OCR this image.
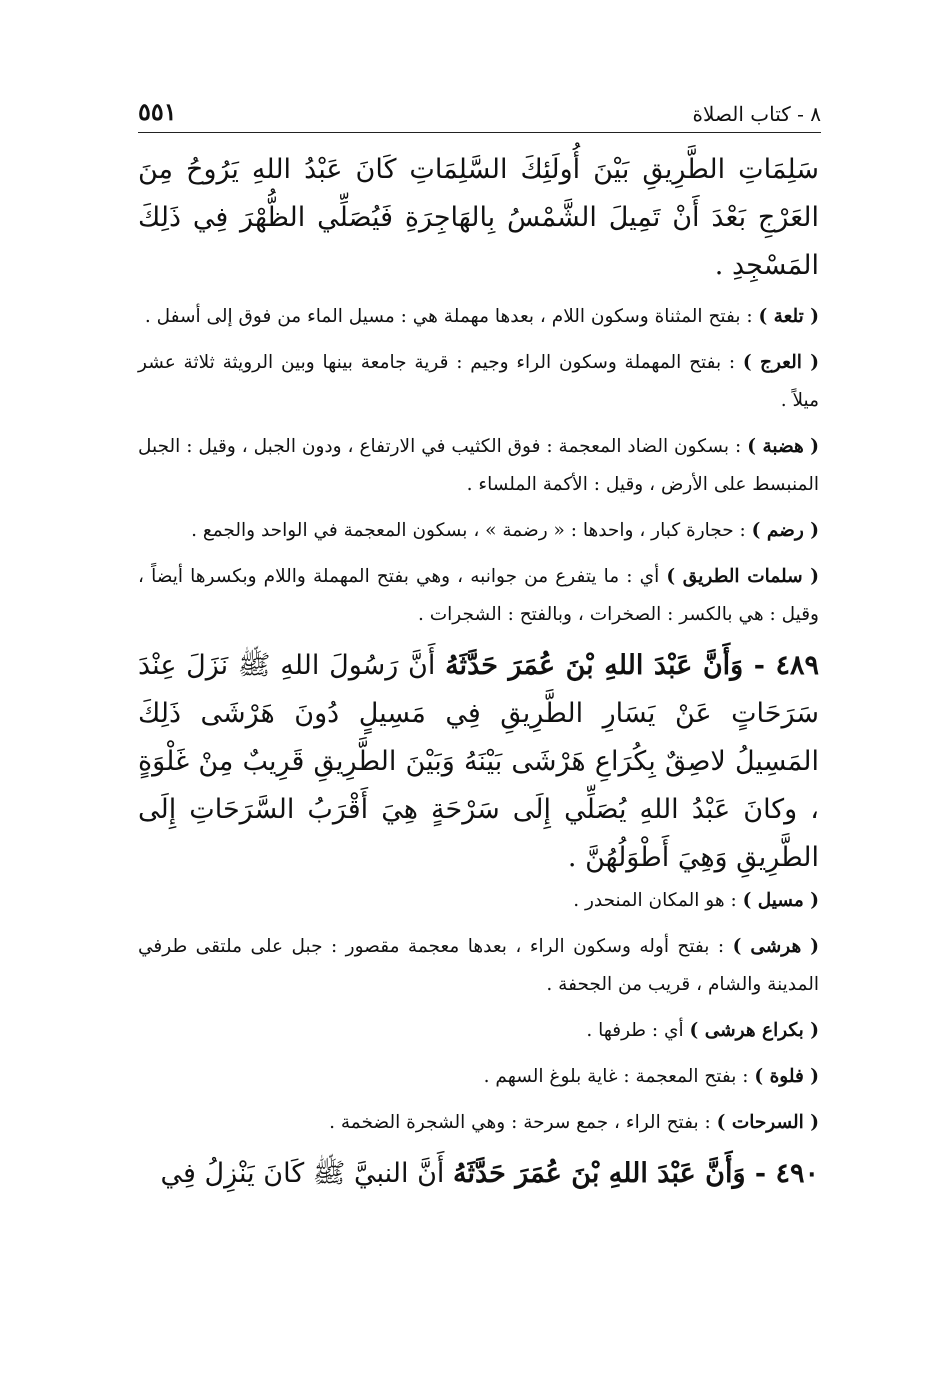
٨ - كتاب الصلاة
٥٥١

سَلِمَاتِ الطَّرِيقِ بَيْنَ أُولَئِكَ السَّلِمَاتِ كَانَ عَبْدُ اللهِ يَرُوحُ مِنَ العَرْجِ بَعْدَ أَنْ تَمِيلَ الشَّمْسُ بِالهَاجِرَةِ فَيُصَلِّي الظُّهْرَ فِي ذَلِكَ المَسْجِدِ .

( تلعة ) : بفتح المثناة وسكون اللام ، بعدها مهملة هي : مسيل الماء من فوق إلى أسفل .

( العرج ) : بفتح المهملة وسكون الراء وجيم : قرية جامعة بينها وبين الرويثة ثلاثة عشر ميلاً .

( هضبة ) : بسكون الضاد المعجمة : فوق الكثيب في الارتفاع ، ودون الجبل ، وقيل : الجبل المنبسط على الأرض ، وقيل : الأكمة الملساء .

( رضم ) : حجارة كبار ، واحدها : « رضمة » ، بسكون المعجمة في الواحد والجمع .

( سلمات الطريق ) أي : ما يتفرع من جوانبه ، وهي بفتح المهملة واللام وبكسرها أيضاً ، وقيل : هي بالكسر : الصخرات ، وبالفتح : الشجرات .

٤٨٩ - وَأَنَّ عَبْدَ اللهِ بْنَ عُمَرَ حَدَّثَهُ أَنَّ رَسُولَ اللهِ ﷺ نَزَلَ عِنْدَ سَرَحَاتٍ عَنْ يَسَارِ الطَّرِيقِ فِي مَسِيلٍ دُونَ هَرْشَى ذَلِكَ المَسِيلُ لاصِقٌ بِكُرَاعِ هَرْشَى بَيْنَهُ وَبَيْنَ الطَّرِيقِ قَرِيبٌ مِنْ غَلْوَةٍ ، وكانَ عَبْدُ اللهِ يُصَلِّي إِلَى سَرْحَةٍ هِيَ أَقْرَبُ السَّرَحَاتِ إِلَى الطَّرِيقِ وَهِيَ أَطْوَلُهُنَّ .

( مسيل ) : هو المكان المنحدر .

( هرشى ) : بفتح أوله وسكون الراء ، بعدها معجمة مقصور : جبل على ملتقى طرفي المدينة والشام ، قريب من الجحفة .

( بكراع هرشى ) أي : طرفها .

( فلوة ) : بفتح المعجمة : غاية بلوغ السهم .

( السرحات ) : بفتح الراء ، جمع سرحة : وهي الشجرة الضخمة .

٤٩٠ - وَأَنَّ عَبْدَ اللهِ بْنَ عُمَرَ حَدَّثَهُ أَنَّ النبيَّ ﷺ كَانَ يَنْزِلُ فِي
